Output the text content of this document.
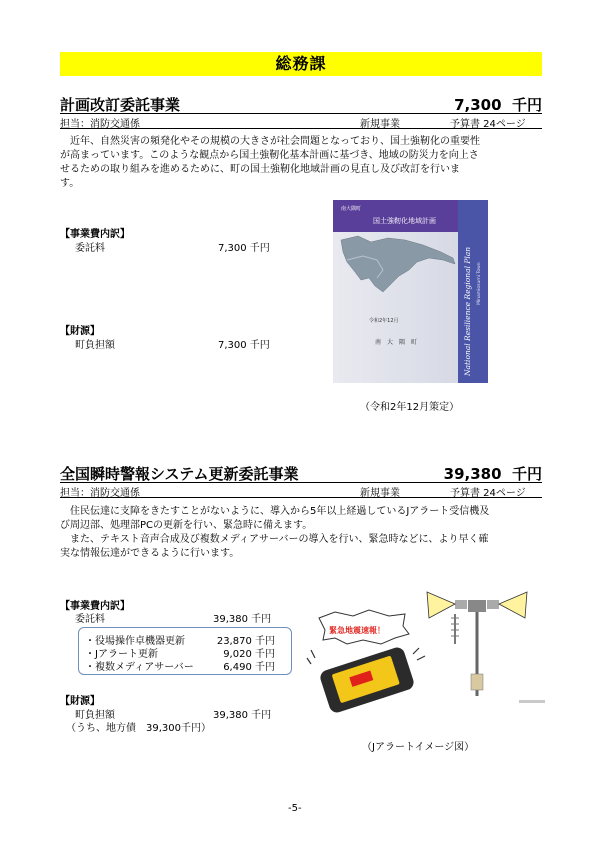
総務課
計画改訂委託事業	7,300 千円
担当：消防交通係	新規事業	予算書 24ページ
　近年、自然災害の頻発化やその規模の大きさが社会問題となっており、国土強靭化の重要性
が高まっています。このような観点から国土強靭化基本計画に基づき、地域の防災力を向上さ
せるための取り組みを進めるために、町の国土強靭化地域計画の見直し及び改訂を行いま
す。
【事業費内訳】
委託料	7,300 千円
【財源】
町負担額	7,300 千円
南大隅町
国土強靭化地域計画
令和2年12月
南　大　隅　町	National Resilience Regional Plan Minamiosumi Town
（令和2年12月策定）
全国瞬時警報システム更新委託事業	39,380 千円
担当：消防交通係	新規事業	予算書 24ページ
　住民伝達に支障をきたすことがないように、導入から5年以上経過しているJアラート受信機及
び周辺部、処理部PCの更新を行い、緊急時に備えます。
　また、テキスト音声合成及び複数メディアサーバーの導入を行い、緊急時などに、より早く確
実な情報伝達ができるように行います。
【事業費内訳】
委託料	39,380 千円
・役場操作卓機器更新	23,870 千円
・Jアラート更新	9,020 千円
・複数メディアサーバー	6,490 千円
【財源】
町負担額	39,380 千円
（うち、地方債　39,300千円）
緊急地震速報！
（Jアラートイメージ図）
-5-
